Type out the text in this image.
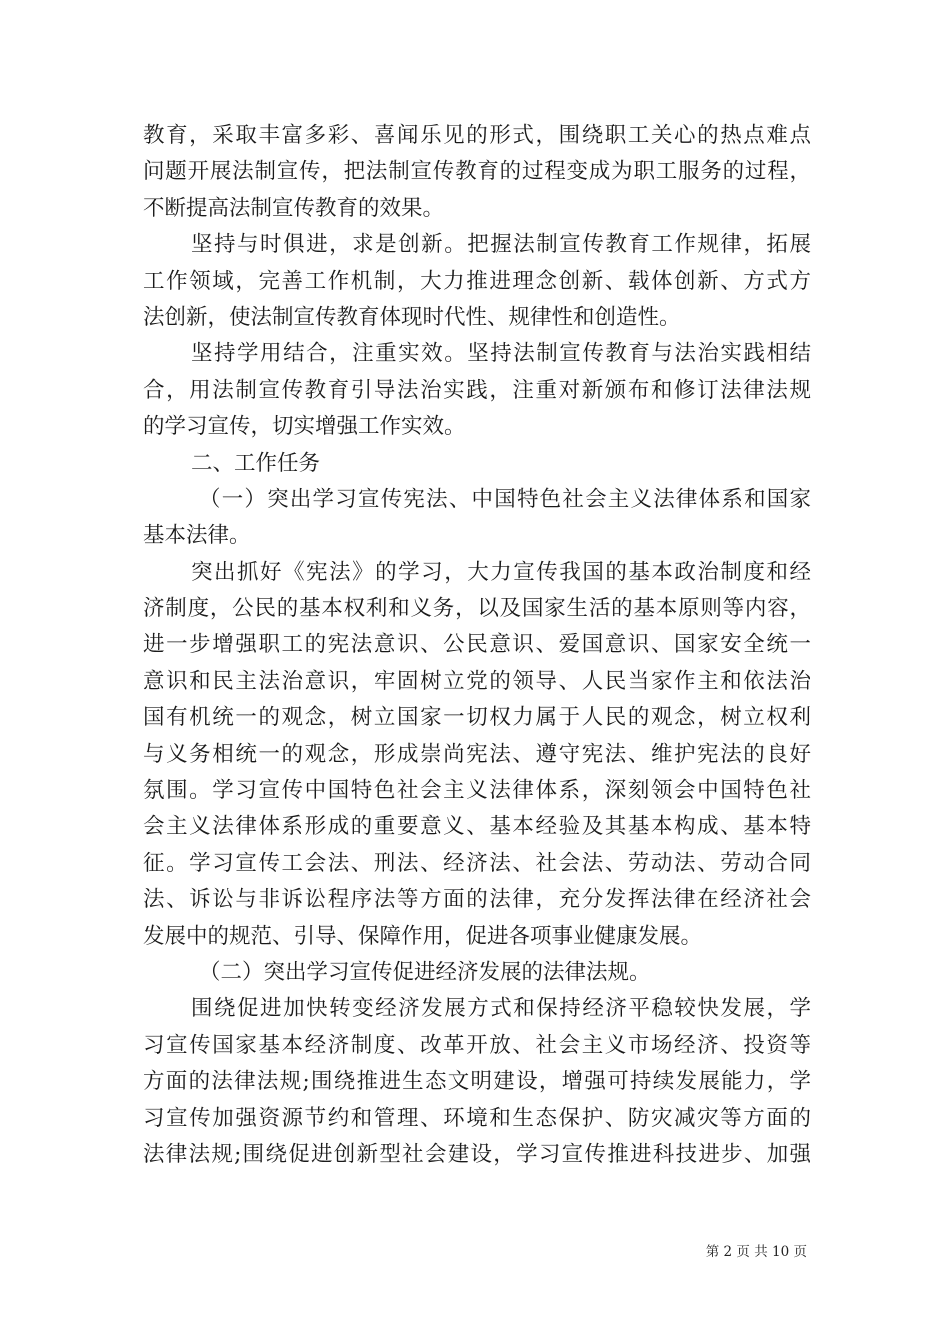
教育，采取丰富多彩、喜闻乐见的形式，围绕职工关心的热点难点
问题开展法制宣传，把法制宣传教育的过程变成为职工服务的过程，
不断提高法制宣传教育的效果。
坚持与时俱进，求是创新。把握法制宣传教育工作规律，拓展
工作领域，完善工作机制，大力推进理念创新、载体创新、方式方
法创新，使法制宣传教育体现时代性、规律性和创造性。
坚持学用结合，注重实效。坚持法制宣传教育与法治实践相结
合，用法制宣传教育引导法治实践，注重对新颁布和修订法律法规
的学习宣传，切实增强工作实效。
二、工作任务
（一）突出学习宣传宪法、中国特色社会主义法律体系和国家
基本法律。
突出抓好《宪法》的学习，大力宣传我国的基本政治制度和经
济制度，公民的基本权利和义务，以及国家生活的基本原则等内容，
进一步增强职工的宪法意识、公民意识、爱国意识、国家安全统一
意识和民主法治意识，牢固树立党的领导、人民当家作主和依法治
国有机统一的观念，树立国家一切权力属于人民的观念，树立权利
与义务相统一的观念，形成崇尚宪法、遵守宪法、维护宪法的良好
氛围。学习宣传中国特色社会主义法律体系，深刻领会中国特色社
会主义法律体系形成的重要意义、基本经验及其基本构成、基本特
征。学习宣传工会法、刑法、经济法、社会法、劳动法、劳动合同
法、诉讼与非诉讼程序法等方面的法律，充分发挥法律在经济社会
发展中的规范、引导、保障作用，促进各项事业健康发展。
（二）突出学习宣传促进经济发展的法律法规。
围绕促进加快转变经济发展方式和保持经济平稳较快发展，学
习宣传国家基本经济制度、改革开放、社会主义市场经济、投资等
方面的法律法规;围绕推进生态文明建设，增强可持续发展能力，学
习宣传加强资源节约和管理、环境和生态保护、防灾减灾等方面的
法律法规;围绕促进创新型社会建设，学习宣传推进科技进步、加强
第 2 页 共 10 页
